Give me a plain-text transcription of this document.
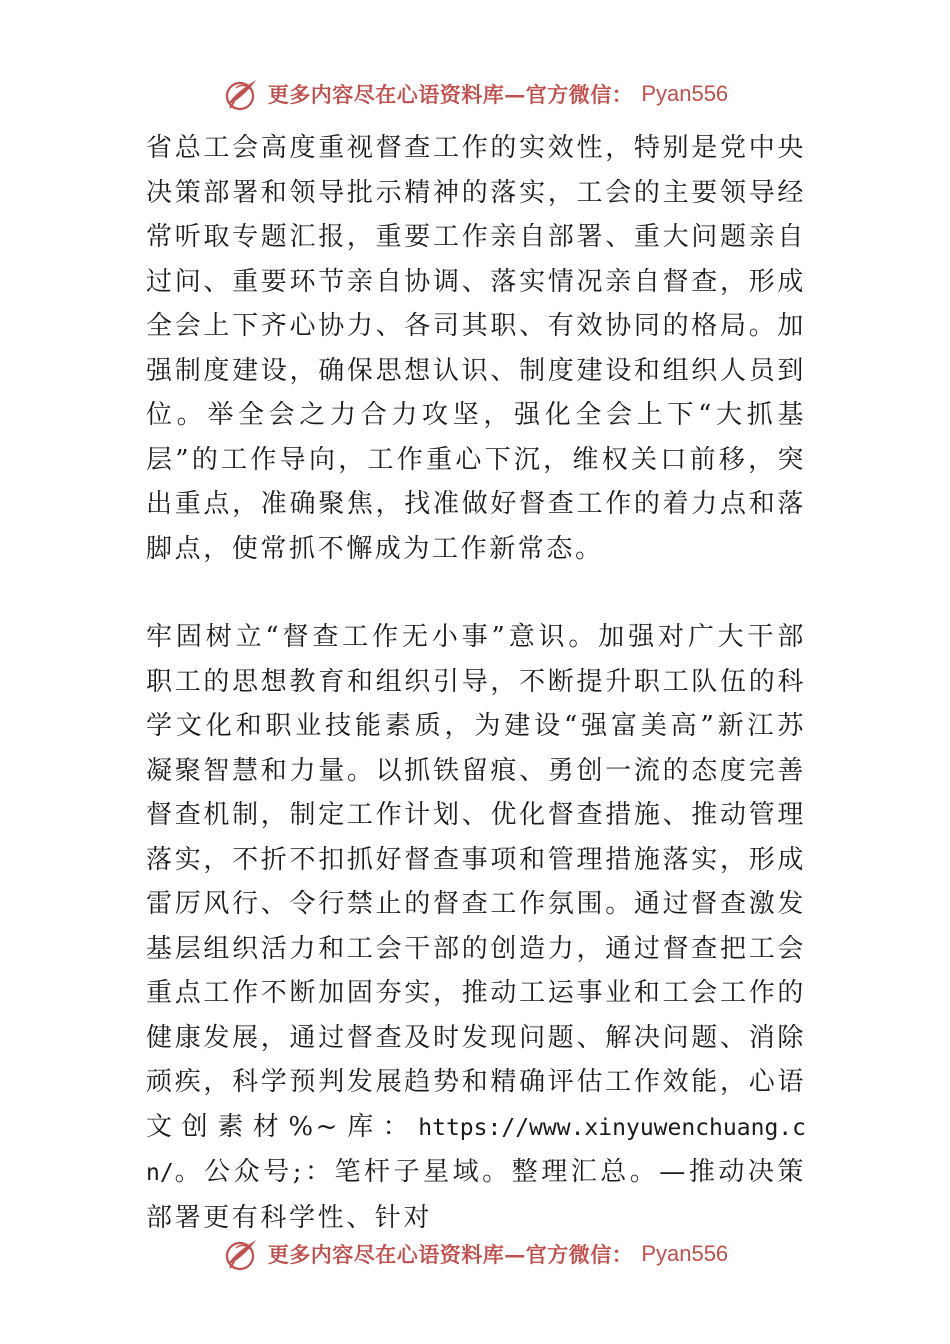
更多内容尽在心语资料库—官方微信： Pyan556

省总工会高度重视督查工作的实效性，特别是党中央决策部署和领导批示精神的落实，工会的主要领导经常听取专题汇报，重要工作亲自部署、重大问题亲自过问、重要环节亲自协调、落实情况亲自督查，形成全会上下齐心协力、各司其职、有效协同的格局。加强制度建设，确保思想认识、制度建设和组织人员到位。举全会之力合力攻坚，强化全会上下“大抓基层”的工作导向，工作重心下沉，维权关口前移，突出重点，准确聚焦，找准做好督查工作的着力点和落脚点，使常抓不懈成为工作新常态。

牢固树立“督查工作无小事”意识。加强对广大干部职工的思想教育和组织引导，不断提升职工队伍的科学文化和职业技能素质，为建设“强富美高”新江苏凝聚智慧和力量。以抓铁留痕、勇创一流的态度完善督查机制，制定工作计划、优化督查措施、推动管理落实，不折不扣抓好督查事项和管理措施落实，形成雷厉风行、令行禁止的督查工作氛围。通过督查激发基层组织活力和工会干部的创造力，通过督查把工会重点工作不断加固夯实，推动工运事业和工会工作的健康发展，通过督查及时发现问题、解决问题、消除顽疾，科学预判发展趋势和精确评估工作效能，心语文创素材%~库：https://www.xinyuwenchuang.cn/。公众号;：笔杆子星域。整理汇总。—推动决策部署更有科学性、针对

更多内容尽在心语资料库—官方微信： Pyan556
